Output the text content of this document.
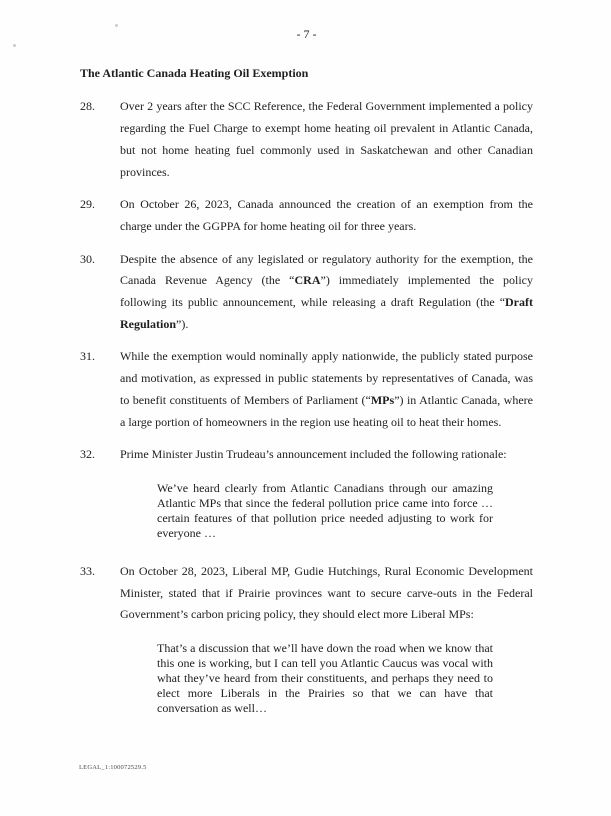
- 7 -
The Atlantic Canada Heating Oil Exemption
28.	Over 2 years after the SCC Reference, the Federal Government implemented a policy regarding the Fuel Charge to exempt home heating oil prevalent in Atlantic Canada, but not home heating fuel commonly used in Saskatchewan and other Canadian provinces.
29.	On October 26, 2023, Canada announced the creation of an exemption from the charge under the GGPPA for home heating oil for three years.
30.	Despite the absence of any legislated or regulatory authority for the exemption, the Canada Revenue Agency (the “CRA”) immediately implemented the policy following its public announcement, while releasing a draft Regulation (the “Draft Regulation”).
31.	While the exemption would nominally apply nationwide, the publicly stated purpose and motivation, as expressed in public statements by representatives of Canada, was to benefit constituents of Members of Parliament (“MPs”) in Atlantic Canada, where a large portion of homeowners in the region use heating oil to heat their homes.
32.	Prime Minister Justin Trudeau’s announcement included the following rationale:
We’ve heard clearly from Atlantic Canadians through our amazing Atlantic MPs that since the federal pollution price came into force … certain features of that pollution price needed adjusting to work for everyone …
33.	On October 28, 2023, Liberal MP, Gudie Hutchings, Rural Economic Development Minister, stated that if Prairie provinces want to secure carve-outs in the Federal Government’s carbon pricing policy, they should elect more Liberal MPs:
That’s a discussion that we’ll have down the road when we know that this one is working, but I can tell you Atlantic Caucus was vocal with what they’ve heard from their constituents, and perhaps they need to elect more Liberals in the Prairies so that we can have that conversation as well…
LEGAL_1:100072529.5
